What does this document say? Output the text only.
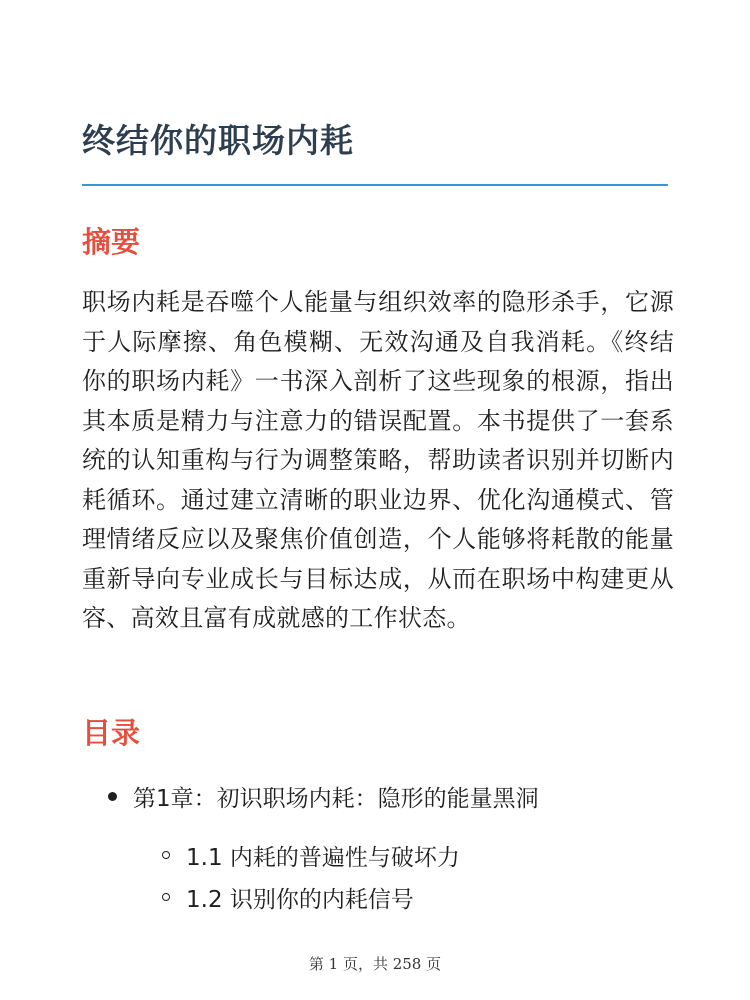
终结你的职场内耗
摘要

职场内耗是吞噬个人能量与组织效率的隐形杀手，它源于人际摩擦、角色模糊、无效沟通及自我消耗。《终结你的职场内耗》一书深入剖析了这些现象的根源，指出其本质是精力与注意力的错误配置。本书提供了一套系统的认知重构与行为调整策略，帮助读者识别并切断内耗循环。通过建立清晰的职业边界、优化沟通模式、管理情绪反应以及聚焦价值创造，个人能够将耗散的能量重新导向专业成长与目标达成，从而在职场中构建更从容、高效且富有成就感的工作状态。

目录
第1章：初识职场内耗：隐形的能量黑洞
1.1 内耗的普遍性与破坏力
1.2 识别你的内耗信号
第 1 页，共 258 页
